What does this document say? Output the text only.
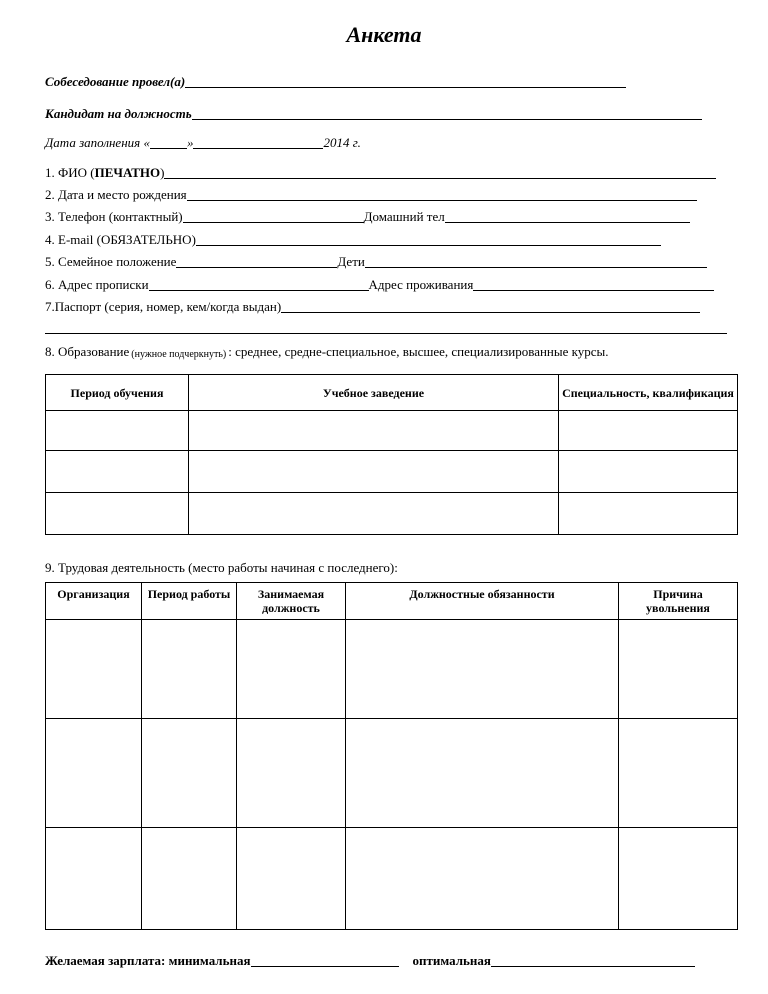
Анкета
Собеседование провел(а)
Кандидат на должность
Дата заполнения «	»	2014 г.
1. ФИО ( ПЕЧАТНО )
2. Дата и место рождения
3. Телефон (контактный)	Домашний тел
4. E-mail (ОБЯЗАТЕЛЬНО)
5. Семейное положение	Дети
6. Адрес прописки	Адрес проживания
7.Паспорт (серия, номер, кем/когда выдан)
8. Образование (нужное подчеркнуть) : среднее, средне-специальное, высшее, специализированные курсы.
Период обучения	Учебное заведение	Специальность, квалификация

9. Трудовая деятельность (место работы начиная с последнего):
Организация	Период работы	Занимаемая должность	Должностные обязанности	Причина увольнения

Желаемая зарплата: минимальная	оптимальная
